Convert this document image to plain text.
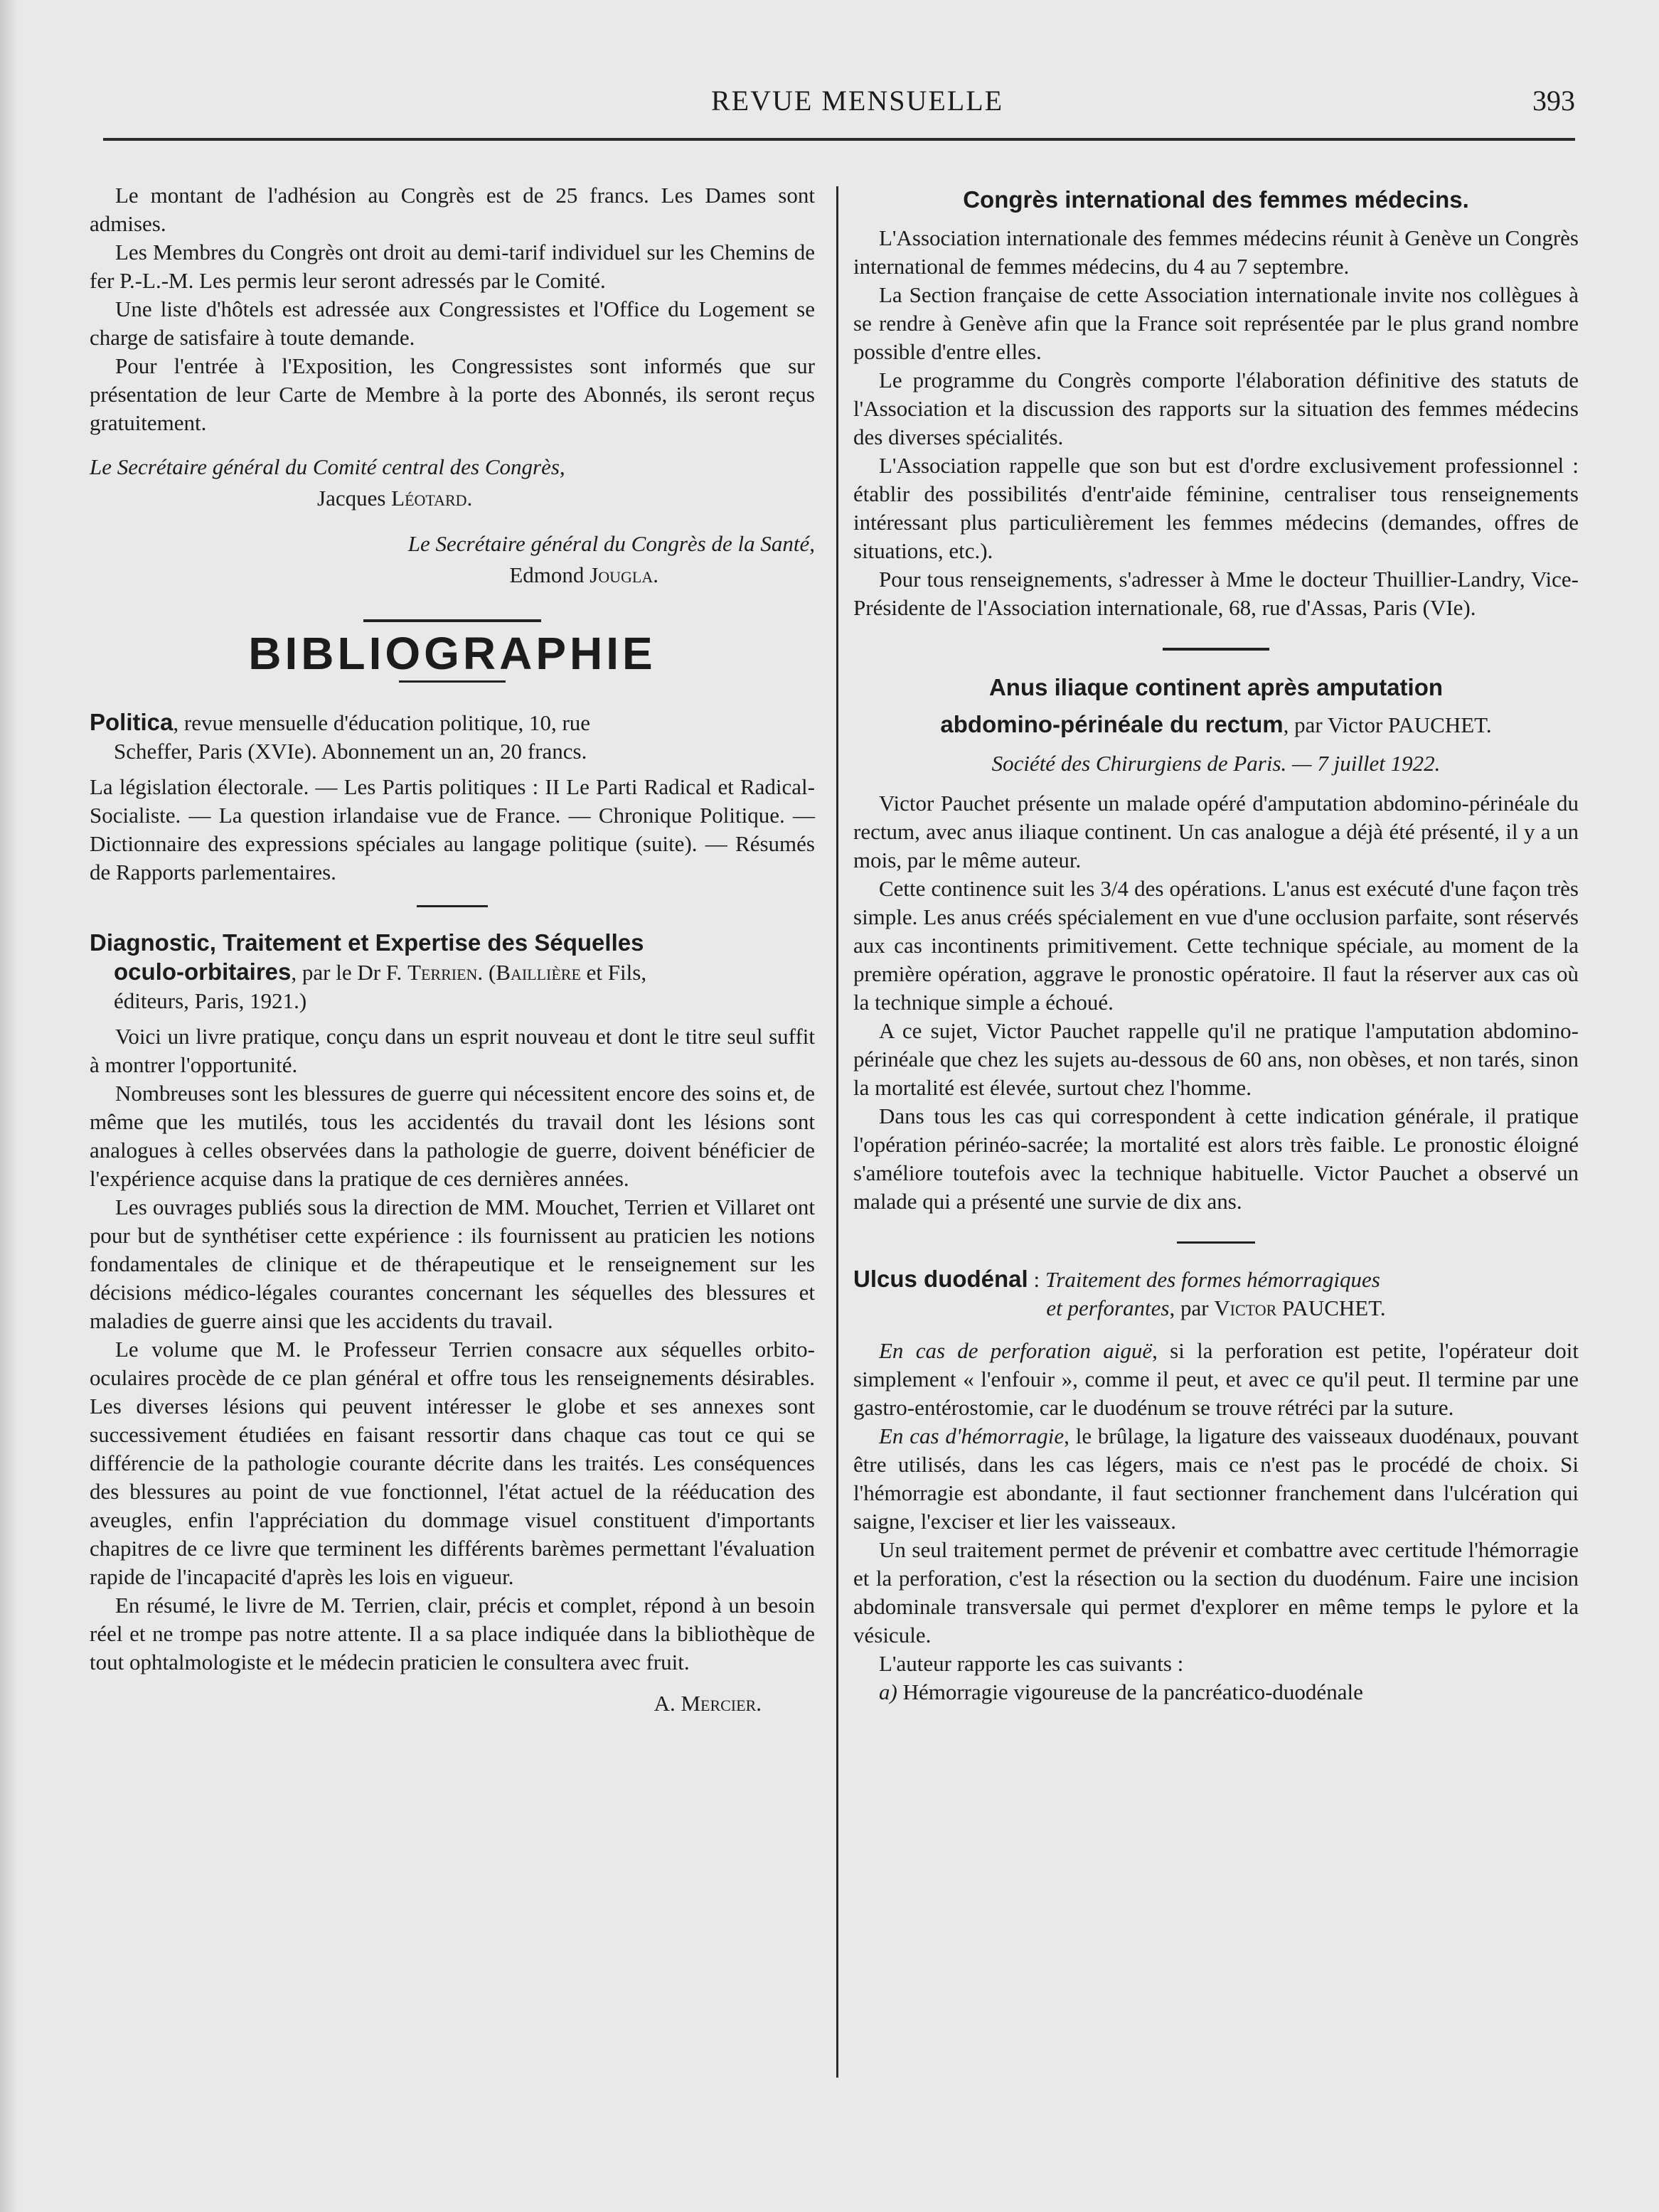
REVUE MENSUELLE	393

Le montant de l'adhésion au Congrès est de 25 francs. Les Dames sont admises.

Les Membres du Congrès ont droit au demi-tarif individuel sur les Chemins de fer P.-L.-M. Les permis leur seront adressés par le Comité.

Une liste d'hôtels est adressée aux Congressistes et l'Office du Logement se charge de satisfaire à toute demande.

Pour l'entrée à l'Exposition, les Congressistes sont informés que sur présentation de leur Carte de Membre à la porte des Abonnés, ils seront reçus gratuitement.

Le Secrétaire général du Comité central des Congrès,
Jacques Léotard.
Le Secrétaire général du Congrès de la Santé,
Edmond Jougla.
BIBLIOGRAPHIE
Politica, revue mensuelle d'éducation politique, 10, rue
Scheffer, Paris (XVIe). Abonnement un an, 20 francs.

La législation électorale. — Les Partis politiques : II Le Parti Radical et Radical-Socialiste. — La question irlandaise vue de France. — Chronique Politique. — Dictionnaire des expressions spéciales au langage politique (suite). — Résumés de Rapports parlementaires.

Diagnostic, Traitement et Expertise des Séquelles
oculo-orbitaires, par le Dr F. Terrien. (Baillière et Fils,
éditeurs, Paris, 1921.)

Voici un livre pratique, conçu dans un esprit nouveau et dont le titre seul suffit à montrer l'opportunité.

Nombreuses sont les blessures de guerre qui nécessitent encore des soins et, de même que les mutilés, tous les accidentés du travail dont les lésions sont analogues à celles observées dans la pathologie de guerre, doivent bénéficier de l'expérience acquise dans la pratique de ces dernières années.

Les ouvrages publiés sous la direction de MM. Mouchet, Terrien et Villaret ont pour but de synthétiser cette expérience : ils fournissent au praticien les notions fondamentales de clinique et de thérapeutique et le renseignement sur les décisions médico-légales courantes concernant les séquelles des blessures et maladies de guerre ainsi que les accidents du travail.

Le volume que M. le Professeur Terrien consacre aux séquelles orbito-oculaires procède de ce plan général et offre tous les renseignements désirables. Les diverses lésions qui peuvent intéresser le globe et ses annexes sont successivement étudiées en faisant ressortir dans chaque cas tout ce qui se différencie de la pathologie courante décrite dans les traités. Les conséquences des blessures au point de vue fonctionnel, l'état actuel de la rééducation des aveugles, enfin l'appréciation du dommage visuel constituent d'importants chapitres de ce livre que terminent les différents barèmes permettant l'évaluation rapide de l'incapacité d'après les lois en vigueur.

En résumé, le livre de M. Terrien, clair, précis et complet, répond à un besoin réel et ne trompe pas notre attente. Il a sa place indiquée dans la bibliothèque de tout ophtalmologiste et le médecin praticien le consultera avec fruit.

A. Mercier.
Congrès international des femmes médecins.

L'Association internationale des femmes médecins réunit à Genève un Congrès international de femmes médecins, du 4 au 7 septembre.

La Section française de cette Association internationale invite nos collègues à se rendre à Genève afin que la France soit représentée par le plus grand nombre possible d'entre elles.

Le programme du Congrès comporte l'élaboration définitive des statuts de l'Association et la discussion des rapports sur la situation des femmes médecins des diverses spécialités.

L'Association rappelle que son but est d'ordre exclusivement professionnel : établir des possibilités d'entr'aide féminine, centraliser tous renseignements intéressant plus particulièrement les femmes médecins (demandes, offres de situations, etc.).

Pour tous renseignements, s'adresser à Mme le docteur Thuillier-Landry, Vice-Présidente de l'Association internationale, 68, rue d'Assas, Paris (VIe).

Anus iliaque continent après amputation
abdomino-périnéale du rectum, par Victor PAUCHET.
Société des Chirurgiens de Paris. — 7 juillet 1922.

Victor Pauchet présente un malade opéré d'amputation abdomino-périnéale du rectum, avec anus iliaque continent. Un cas analogue a déjà été présenté, il y a un mois, par le même auteur.

Cette continence suit les 3/4 des opérations. L'anus est exécuté d'une façon très simple. Les anus créés spécialement en vue d'une occlusion parfaite, sont réservés aux cas incontinents primitivement. Cette technique spéciale, au moment de la première opération, aggrave le pronostic opératoire. Il faut la réserver aux cas où la technique simple a échoué.

A ce sujet, Victor Pauchet rappelle qu'il ne pratique l'amputation abdomino-périnéale que chez les sujets au-dessous de 60 ans, non obèses, et non tarés, sinon la mortalité est élevée, surtout chez l'homme.

Dans tous les cas qui correspondent à cette indication générale, il pratique l'opération périnéo-sacrée; la mortalité est alors très faible. Le pronostic éloigné s'améliore toutefois avec la technique habituelle. Victor Pauchet a observé un malade qui a présenté une survie de dix ans.

Ulcus duodénal : Traitement des formes hémorragiques
et perforantes, par Victor PAUCHET.

En cas de perforation aiguë, si la perforation est petite, l'opérateur doit simplement « l'enfouir », comme il peut, et avec ce qu'il peut. Il termine par une gastro-entérostomie, car le duodénum se trouve rétréci par la suture.

En cas d'hémorragie, le brûlage, la ligature des vaisseaux duodénaux, pouvant être utilisés, dans les cas légers, mais ce n'est pas le procédé de choix. Si l'hémorragie est abondante, il faut sectionner franchement dans l'ulcération qui saigne, l'exciser et lier les vaisseaux.

Un seul traitement permet de prévenir et combattre avec certitude l'hémorragie et la perforation, c'est la résection ou la section du duodénum. Faire une incision abdominale transversale qui permet d'explorer en même temps le pylore et la vésicule.

L'auteur rapporte les cas suivants :

a) Hémorragie vigoureuse de la pancréatico-duodénale
